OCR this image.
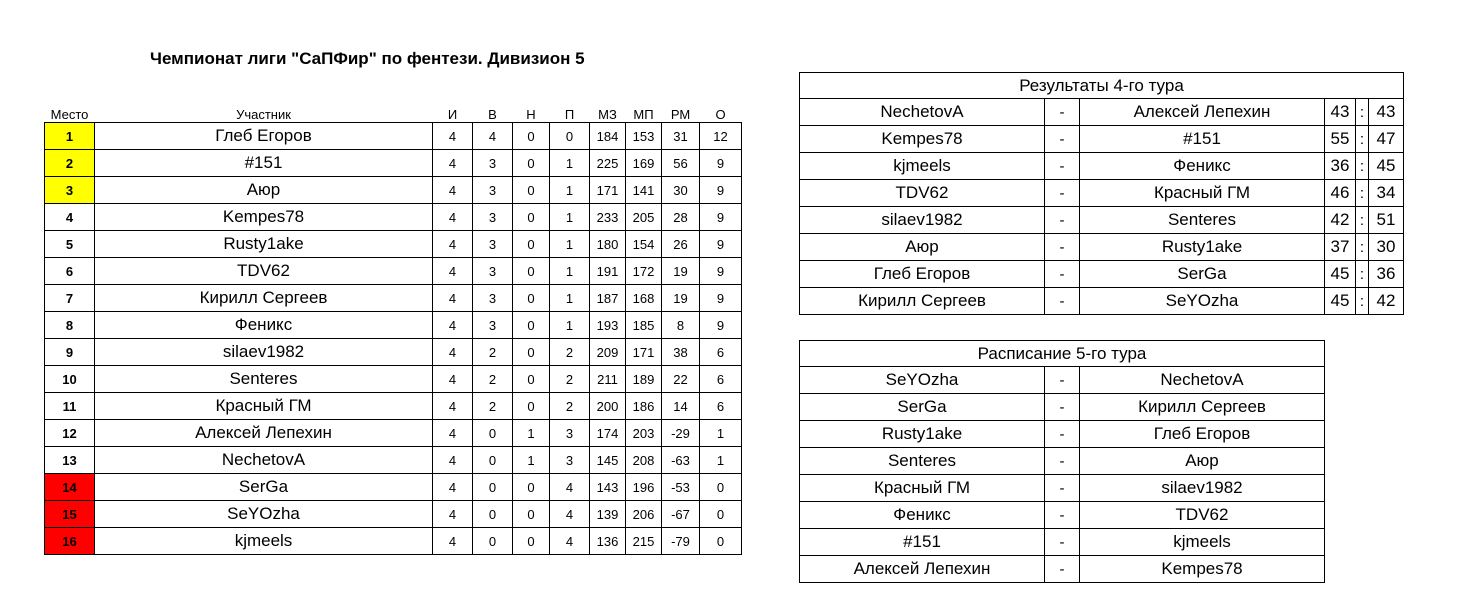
Чемпионат лиги "СаПФир" по фентези. Дивизион 5
Место	Участник	И	В	Н	П	МЗ	МП	РМ	О
1	Глеб Егоров	4	4	0	0	184	153	31	12
2	#151	4	3	0	1	225	169	56	9
3	Аюр	4	3	0	1	171	141	30	9
4	Kempes78	4	3	0	1	233	205	28	9
5	Rusty1ake	4	3	0	1	180	154	26	9
6	TDV62	4	3	0	1	191	172	19	9
7	Кирилл Сергеев	4	3	0	1	187	168	19	9
8	Феникс	4	3	0	1	193	185	8	9
9	silaev1982	4	2	0	2	209	171	38	6
10	Senteres	4	2	0	2	211	189	22	6
11	Красный ГМ	4	2	0	2	200	186	14	6
12	Алексей Лепехин	4	0	1	3	174	203	-29	1
13	NechetovA	4	0	1	3	145	208	-63	1
14	SerGa	4	0	0	4	143	196	-53	0
15	SeYOzha	4	0	0	4	139	206	-67	0
16	kjmeels	4	0	0	4	136	215	-79	0
Результаты 4-го тура					
NechetovA	-	Алексей Лепехин	43	:	43
Kempes78	-	#151	55	:	47
kjmeels	-	Феникс	36	:	45
TDV62	-	Красный ГМ	46	:	34
silaev1982	-	Senteres	42	:	51
Аюр	-	Rusty1ake	37	:	30
Глеб Егоров	-	SerGa	45	:	36
Кирилл Сергеев	-	SeYOzha	45	:	42
Расписание 5-го тура		
SeYOzha	-	NechetovA
SerGa	-	Кирилл Сергеев
Rusty1ake	-	Глеб Егоров
Senteres	-	Аюр
Красный ГМ	-	silaev1982
Феникс	-	TDV62
#151	-	kjmeels
Алексей Лепехин	-	Kempes78
